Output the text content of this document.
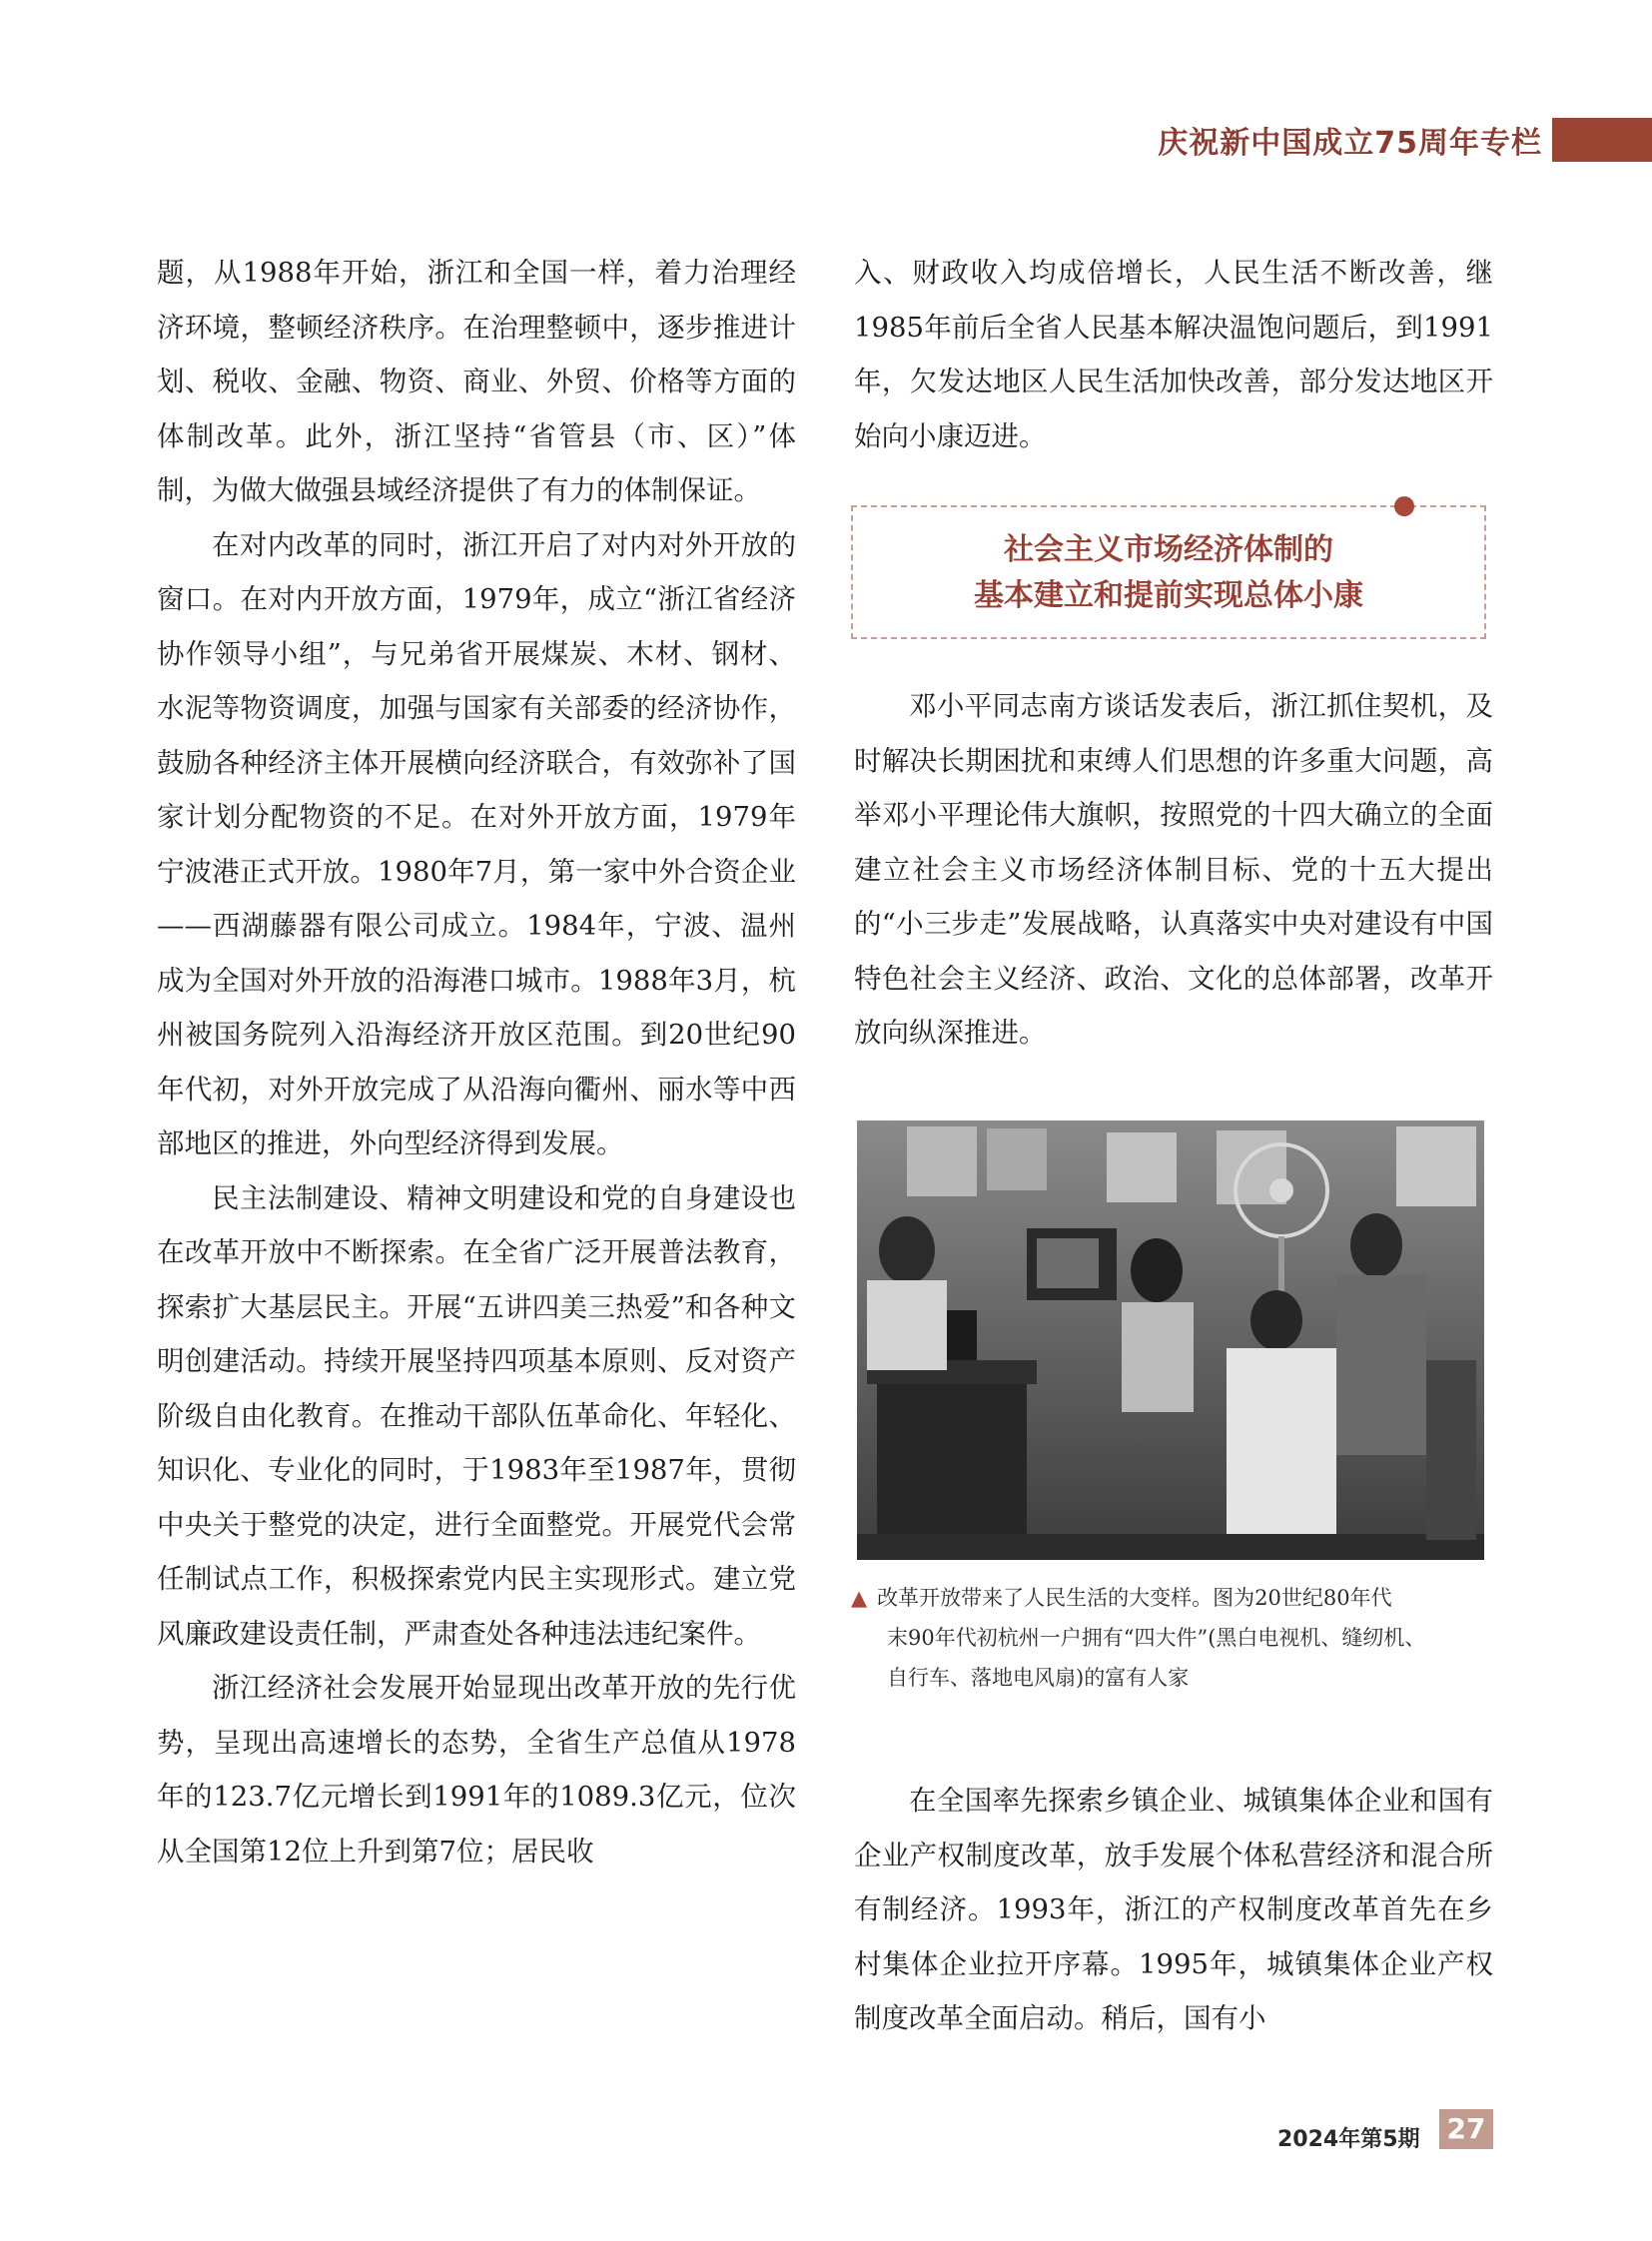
庆祝新中国成立75周年专栏

题，从1988年开始，浙江和全国一样，着力治理经济环境，整顿经济秩序。在治理整顿中，逐步推进计划、税收、金融、物资、商业、外贸、价格等方面的体制改革。此外，浙江坚持“省管县（市、区）”体制，为做大做强县域经济提供了有力的体制保证。

在对内改革的同时，浙江开启了对内对外开放的窗口。在对内开放方面，1979年，成立“浙江省经济协作领导小组”，与兄弟省开展煤炭、木材、钢材、水泥等物资调度，加强与国家有关部委的经济协作，鼓励各种经济主体开展横向经济联合，有效弥补了国家计划分配物资的不足。在对外开放方面，1979年宁波港正式开放。1980年7月，第一家中外合资企业——西湖藤器有限公司成立。1984年，宁波、温州成为全国对外开放的沿海港口城市。1988年3月，杭州被国务院列入沿海经济开放区范围。到20世纪90年代初，对外开放完成了从沿海向衢州、丽水等中西部地区的推进，外向型经济得到发展。

民主法制建设、精神文明建设和党的自身建设也在改革开放中不断探索。在全省广泛开展普法教育，探索扩大基层民主。开展“五讲四美三热爱”和各种文明创建活动。持续开展坚持四项基本原则、反对资产阶级自由化教育。在推动干部队伍革命化、年轻化、知识化、专业化的同时，于1983年至1987年，贯彻中央关于整党的决定，进行全面整党。开展党代会常任制试点工作，积极探索党内民主实现形式。建立党风廉政建设责任制，严肃查处各种违法违纪案件。

浙江经济社会发展开始显现出改革开放的先行优势，呈现出高速增长的态势，全省生产总值从1978年的123.7亿元增长到1991年的1089.3亿元，位次从全国第12位上升到第7位；居民收

入、财政收入均成倍增长，人民生活不断改善，继1985年前后全省人民基本解决温饱问题后，到1991年，欠发达地区人民生活加快改善，部分发达地区开始向小康迈进。

社会主义市场经济体制的
基本建立和提前实现总体小康

邓小平同志南方谈话发表后，浙江抓住契机，及时解决长期困扰和束缚人们思想的许多重大问题，高举邓小平理论伟大旗帜，按照党的十四大确立的全面建立社会主义市场经济体制目标、党的十五大提出的“小三步走”发展战略，认真落实中央对建设有中国特色社会主义经济、政治、文化的总体部署，改革开放向纵深推进。

▲ 改革开放带来了人民生活的大变样。图为20世纪80年代
末90年代初杭州一户拥有“四大件”(黑白电视机、缝纫机、
自行车、落地电风扇)的富有人家

在全国率先探索乡镇企业、城镇集体企业和国有企业产权制度改革，放手发展个体私营经济和混合所有制经济。1993年，浙江的产权制度改革首先在乡村集体企业拉开序幕。1995年，城镇集体企业产权制度改革全面启动。稍后，国有小

2024年第5期 27
